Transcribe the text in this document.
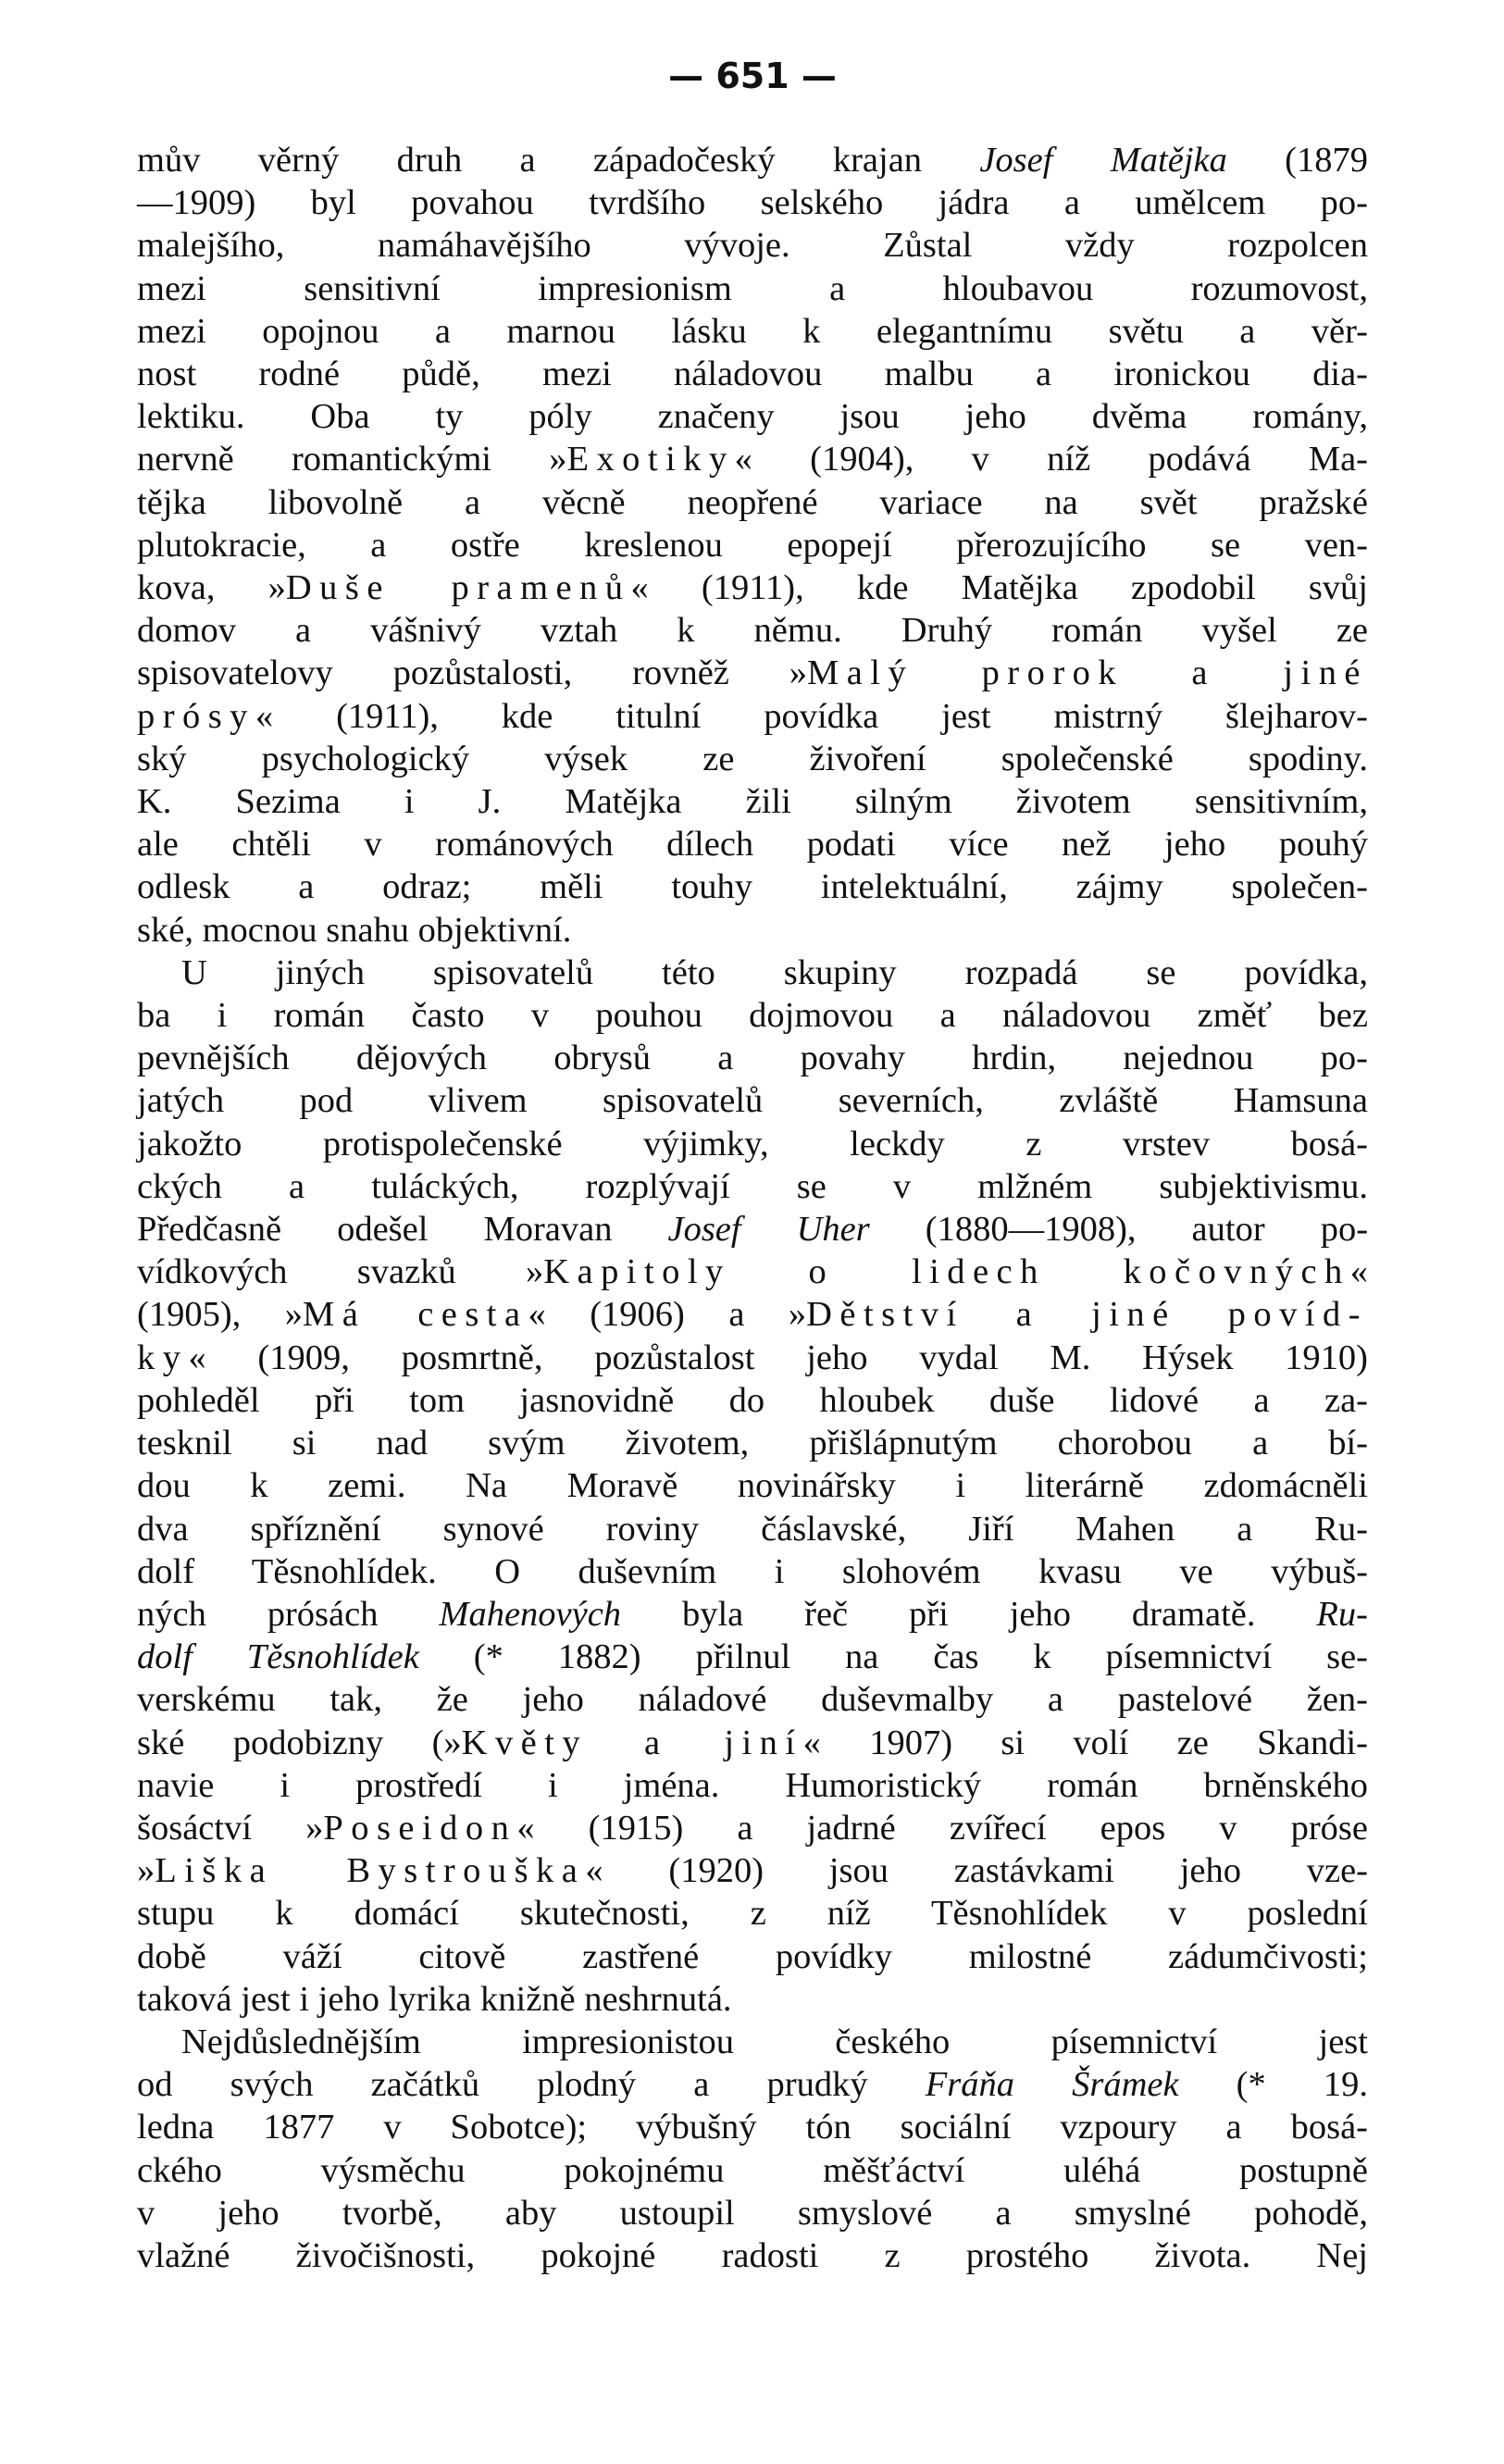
— 651 —
mův věrný druh a západočeský krajan Josef Matějka (1879
—1909) byl povahou tvrdšího selského jádra a umělcem po-
malejšího, namáhavějšího vývoje. Zůstal vždy rozpolcen
mezi sensitivní impresionism a hloubavou rozumovost,
mezi opojnou a marnou lásku k elegantnímu světu a věr-
nost rodné půdě, mezi náladovou malbu a ironickou dia-
lektiku. Oba ty póly značeny jsou jeho dvěma romány,
nervně romantickými »Exotiky« (1904), v níž podává Ma-
tějka libovolně a věcně neopřené variace na svět pražské
plutokracie, a ostře kreslenou epopejí přerozujícího se ven-
kova, »Duše pramenů« (1911), kde Matějka zpodobil svůj
domov a vášnivý vztah k němu. Druhý román vyšel ze
spisovatelovy pozůstalosti, rovněž »Malý prorok a jiné
prósy« (1911), kde titulní povídka jest mistrný šlejharov-
ský psychologický výsek ze živoření společenské spodiny.
K. Sezima i J. Matějka žili silným životem sensitivním,
ale chtěli v románových dílech podati více než jeho pouhý
odlesk a odraz; měli touhy intelektuální, zájmy společen-
ské, mocnou snahu objektivní.
U jiných spisovatelů této skupiny rozpadá se povídka,
ba i román často v pouhou dojmovou a náladovou změť bez
pevnějších dějových obrysů a povahy hrdin, nejednou po-
jatých pod vlivem spisovatelů severních, zvláště Hamsuna
jakožto protispolečenské výjimky, leckdy z vrstev bosá-
ckých a tuláckých, rozplývají se v mlžném subjektivismu.
Předčasně odešel Moravan Josef Uher (1880—1908), autor po-
vídkových svazků »Kapitoly o lidech kočovných«
(1905), »Má cesta« (1906) a »Dětství a jiné povíd-
ky« (1909, posmrtně, pozůstalost jeho vydal M. Hýsek 1910)
pohleděl při tom jasnovidně do hloubek duše lidové a za-
tesknil si nad svým životem, přišlápnutým chorobou a bí-
dou k zemi. Na Moravě novinářsky i literárně zdomácněli
dva spříznění synové roviny čáslavské, Jiří Mahen a Ru-
dolf Těsnohlídek. O duševním i slohovém kvasu ve výbuš-
ných prósách Mahenových byla řeč při jeho dramatě. Ru-
dolf Těsnohlídek (* 1882) přilnul na čas k písemnictví se-
verskému tak, že jeho náladové duševmalby a pastelové žen-
ské podobizny (»Květy a jiní« 1907) si volí ze Skandi-
navie i prostředí i jména. Humoristický román brněnského
šosáctví »Poseidon« (1915) a jadrné zvířecí epos v próse
»Liška Bystrouška« (1920) jsou zastávkami jeho vze-
stupu k domácí skutečnosti, z níž Těsnohlídek v poslední
době váží citově zastřené povídky milostné zádumčivosti;
taková jest i jeho lyrika knižně neshrnutá.
Nejdůslednějším impresionistou českého písemnictví jest
od svých začátků plodný a prudký Fráňa Šrámek (* 19.
ledna 1877 v Sobotce); výbušný tón sociální vzpoury a bosá-
ckého výsměchu pokojnému měšťáctví uléhá postupně
v jeho tvorbě, aby ustoupil smyslové a smyslné pohodě,
vlažné živočišnosti, pokojné radosti z prostého života. Nej
